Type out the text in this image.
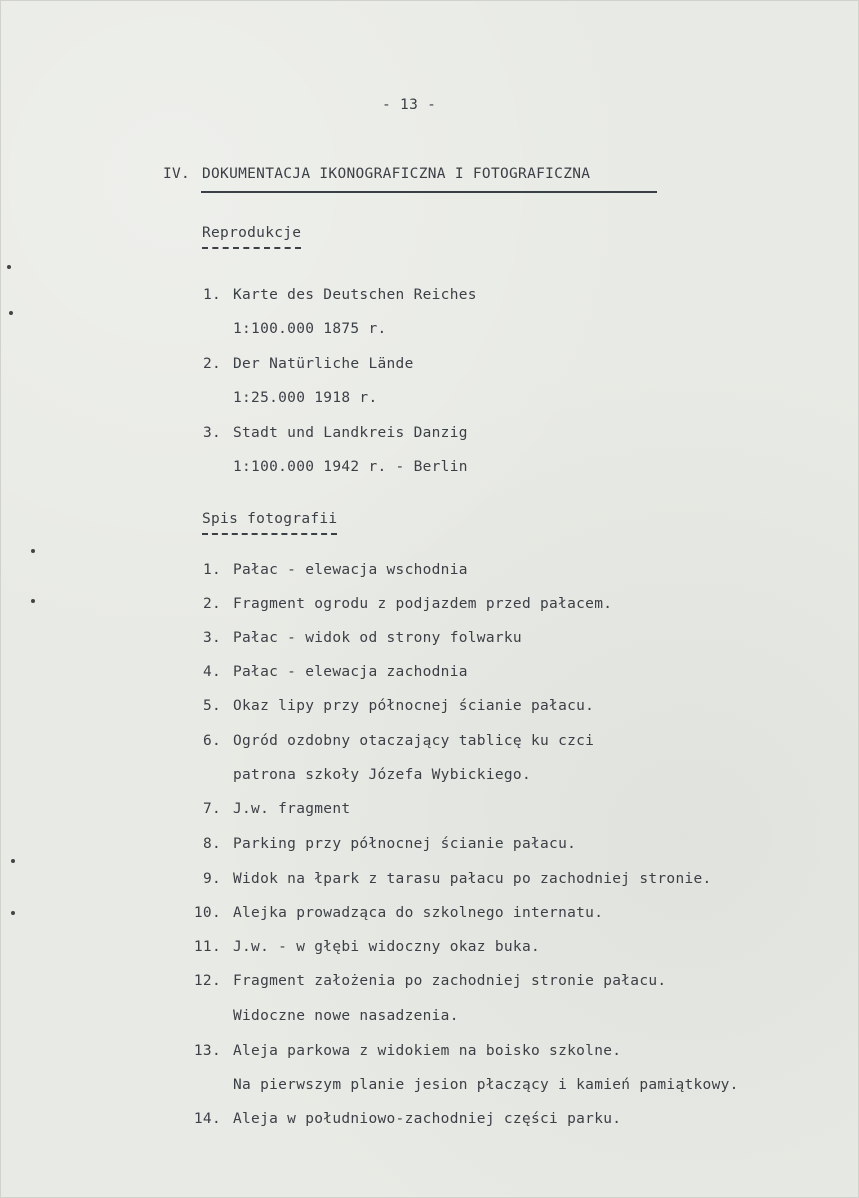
- 13 -
IV. DOKUMENTACJA IKONOGRAFICZNA I FOTOGRAFICZNA
Reprodukcje
1. Karte des Deutschen Reiches
1:100.000 1875 r.
2. Der Natürliche Lände
1:25.000 1918 r.
3. Stadt und Landkreis Danzig
1:100.000 1942 r. - Berlin
Spis fotografii
1. Pałac - elewacja wschodnia
2. Fragment ogrodu z podjazdem przed pałacem.
3. Pałac - widok od strony folwarku
4. Pałac - elewacja zachodnia
5. Okaz lipy przy północnej ścianie pałacu.
6. Ogród ozdobny otaczający tablicę ku czci
patrona szkoły Józefa Wybickiego.
7. J.w. fragment
8. Parking przy północnej ścianie pałacu.
9. Widok na łpark z tarasu pałacu po zachodniej stronie.
10. Alejka prowadząca do szkolnego internatu.
11. J.w. - w głębi widoczny okaz buka.
12. Fragment założenia po zachodniej stronie pałacu.
Widoczne nowe nasadzenia.
13. Aleja parkowa z widokiem na boisko szkolne.
Na pierwszym planie jesion płaczący i kamień pamiątkowy.
14. Aleja w południowo-zachodniej części parku.
